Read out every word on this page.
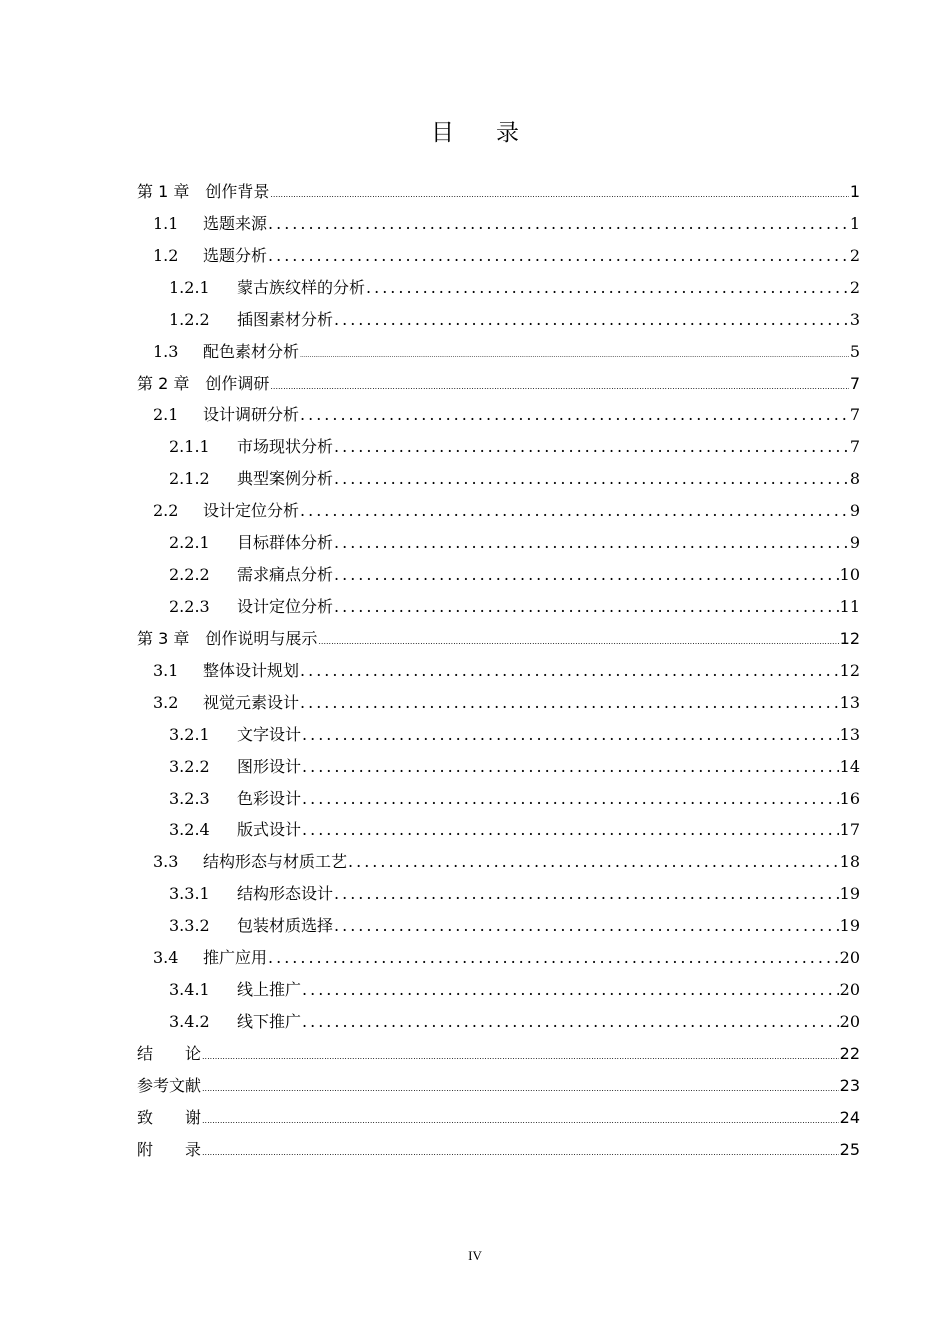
目 录
第 1 章　创作背景 .....	1
1.1 选题来源 .....	1
1.2 选题分析 .....	2
1.2.1 蒙古族纹样的分析 .....	2
1.2.2 插图素材分析 .....	3
1.3 配色素材分析 .....	5
第 2 章　创作调研 .....	7
2.1 设计调研分析 .....	7
2.1.1 市场现状分析 .....	7
2.1.2 典型案例分析 .....	8
2.2 设计定位分析 .....	9
2.2.1 目标群体分析 .....	9
2.2.2 需求痛点分析 .....	10
2.2.3 设计定位分析 .....	11
第 3 章　创作说明与展示 .....	12
3.1 整体设计规划 .....	12
3.2 视觉元素设计 .....	13
3.2.1 文字设计 .....	13
3.2.2 图形设计 .....	14
3.2.3 色彩设计 .....	16
3.2.4 版式设计 .....	17
3.3 结构形态与材质工艺 .....	18
3.3.1 结构形态设计 .....	19
3.3.2 包装材质选择 .....	19
3.4 推广应用 .....	20
3.4.1 线上推广 .....	20
3.4.2 线下推广 .....	20
结　　论 .....	22
参考文献 .....	23
致　　谢 .....	24
附　　录 .....	25
IV
